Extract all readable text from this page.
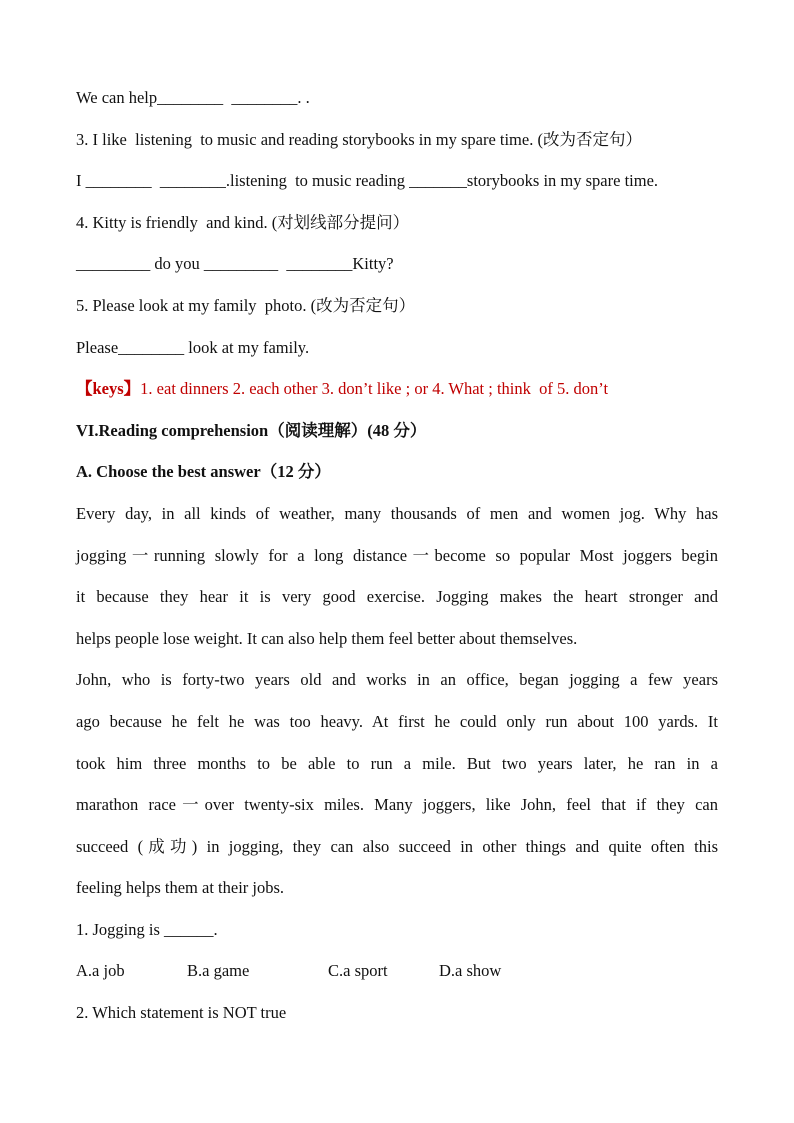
We can help________  ________. .

3. I like  listening  to music and reading storybooks in my spare time. (改为否定句）

I ________  ________.listening  to music reading _______storybooks in my spare time.

4. Kitty is friendly  and kind. (对划线部分提问）

_________ do you _________  ________Kitty?

5. Please look at my family  photo. (改为否定句）

Please________ look at my family.

【keys】1. eat dinners 2. each other 3. don’t like ; or 4. What ; think  of 5. don’t

VI.Reading comprehension（阅读理解）(48 分）

A. Choose the best answer（12 分）

Every day, in all kinds of weather, many thousands of men and women jog. Why has

jogging一running slowly for a long distance一become so popular Most joggers begin

it because they hear it is very good exercise. Jogging makes the heart stronger and

helps people lose weight. It can also help them feel better about themselves.

John, who is forty-two years old and works in an office, began jogging a few years

ago because he felt he was too heavy. At first he could only run about 100 yards. It

took him three months to be able to run a mile. But two years later, he ran in a

marathon race一over twenty-six miles. Many joggers, like John, feel that if they can

succeed (成功) in jogging, they can also succeed in other things and quite often this

feeling helps them at their jobs.

1. Jogging is ______.

A.a job	B.a game	C.a sport	D.a show

2. Which statement is NOT true
